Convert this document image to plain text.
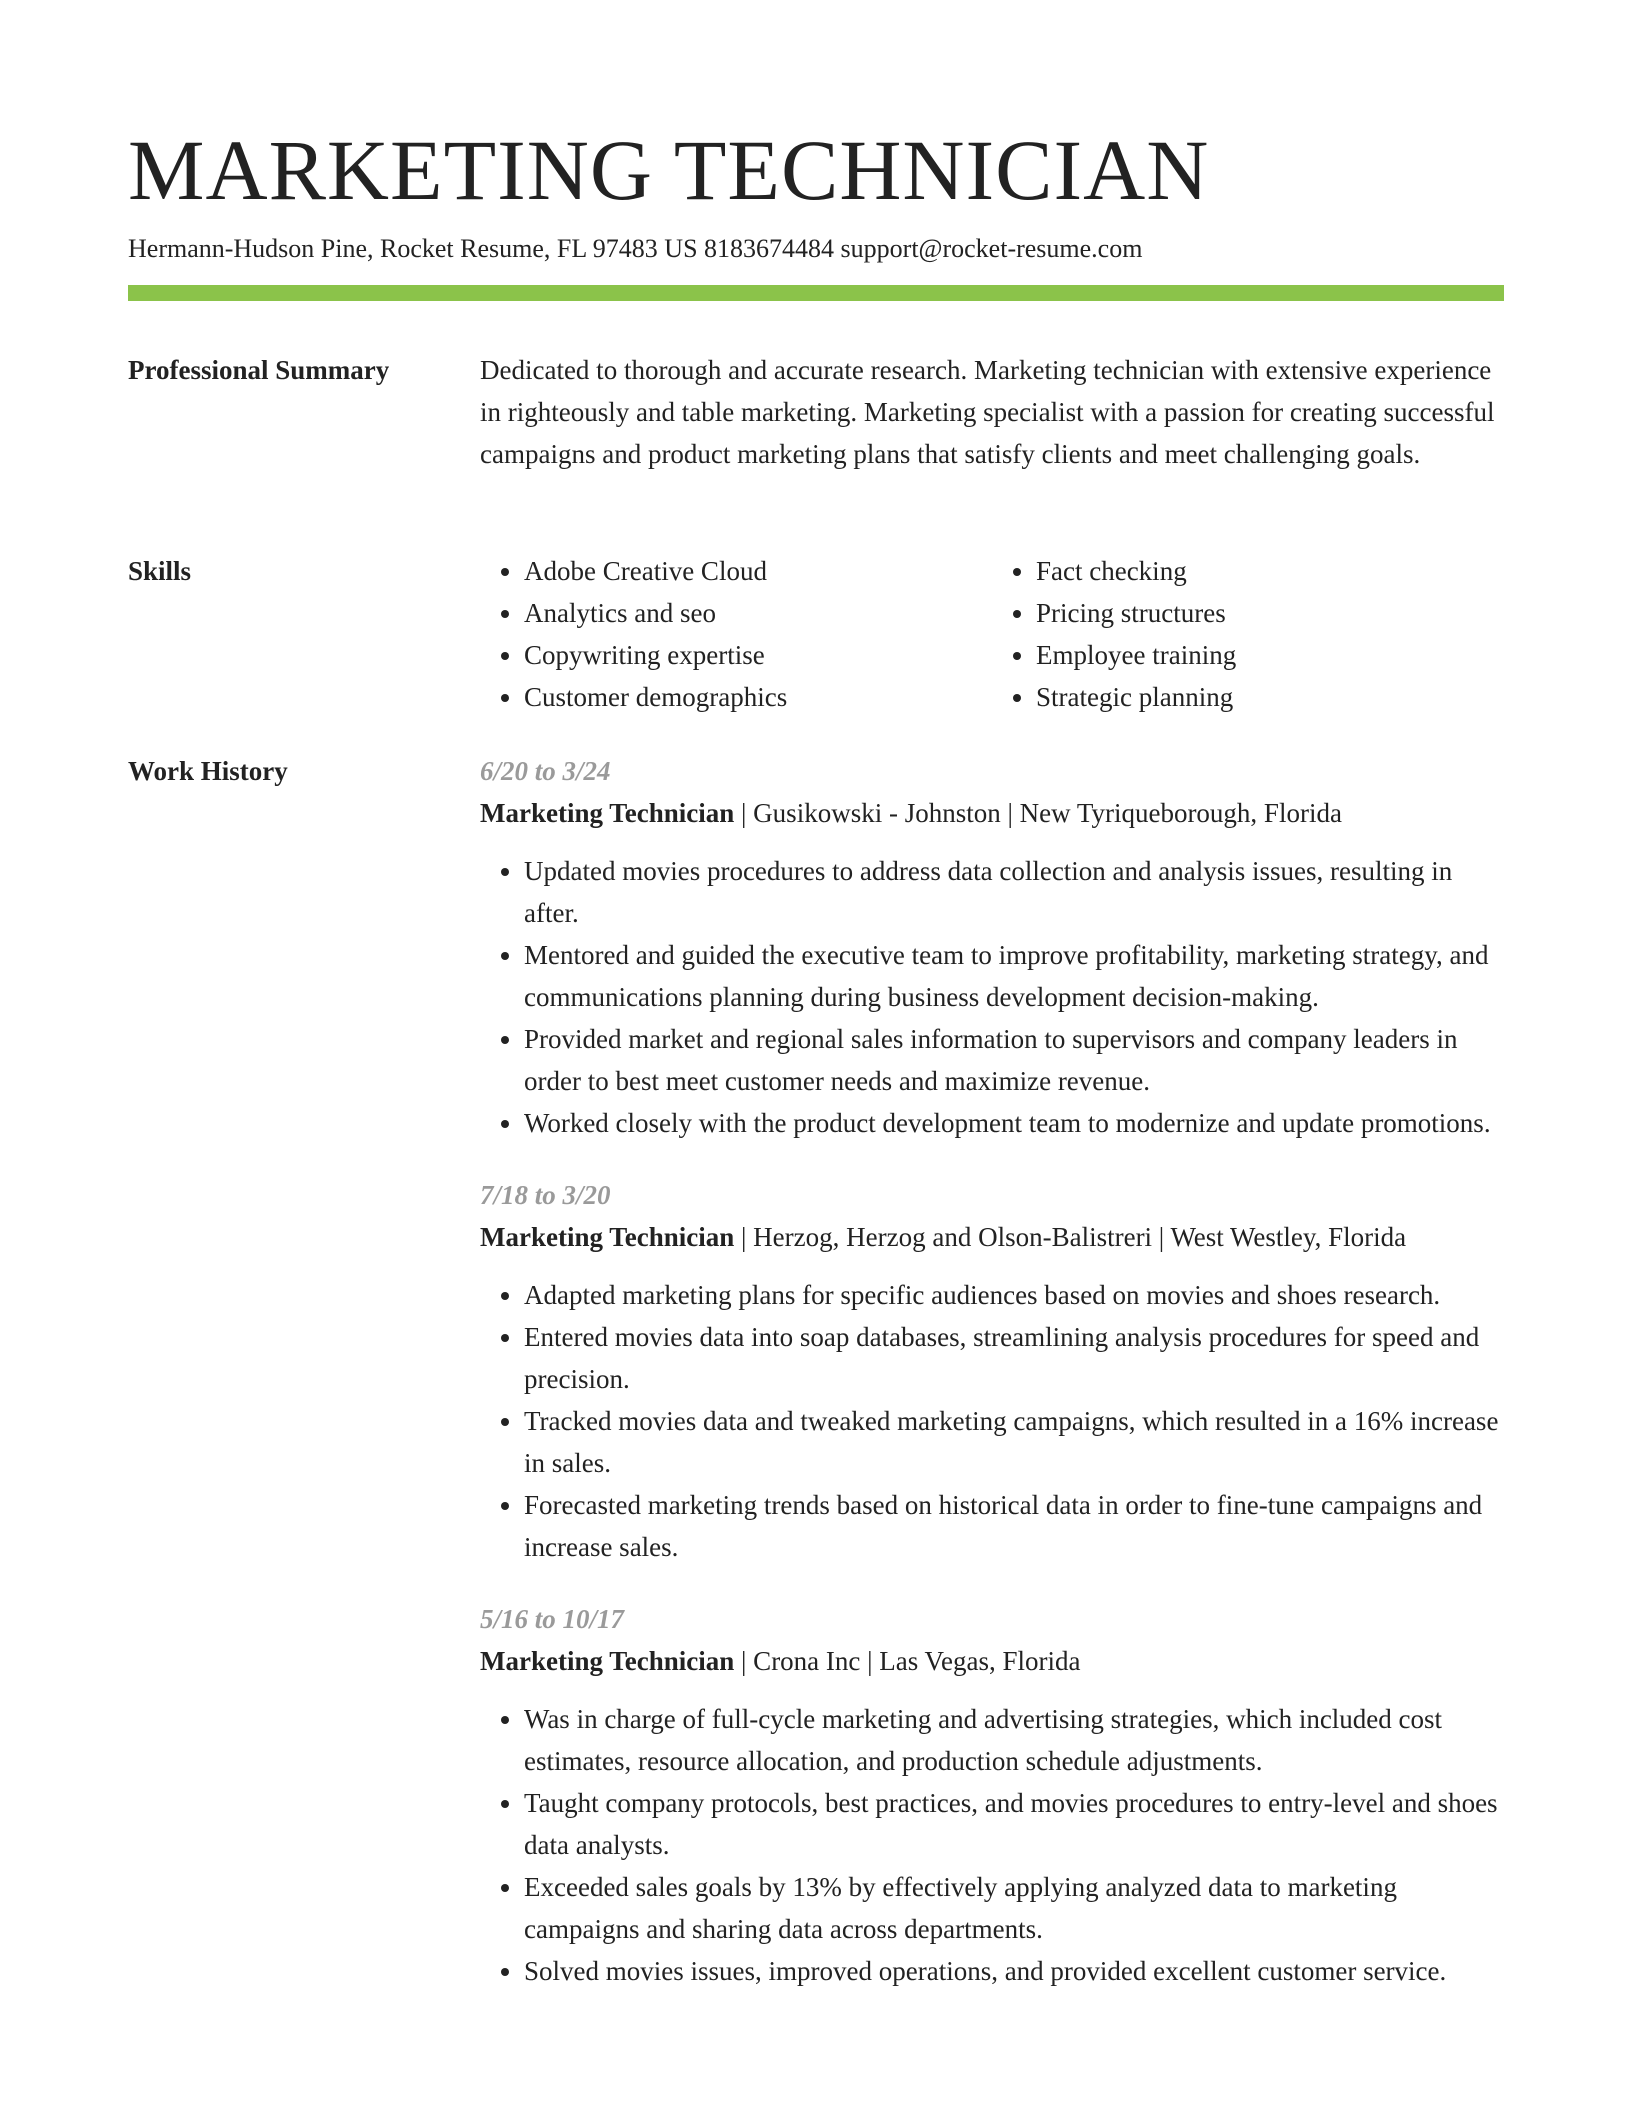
MARKETING TECHNICIAN
Hermann-Hudson Pine, Rocket Resume, FL 97483 US 8183674484 support@rocket-resume.com
Professional Summary	Dedicated to thorough and accurate research. Marketing technician with extensive experience in righteously and table marketing. Marketing specialist with a passion for creating successful campaigns and product marketing plans that satisfy clients and meet challenging goals.

Skills
•	Adobe Creative Cloud
• Analytics and seo
• Copywriting expertise
• Customer demographics
• Fact checking
• Pricing structures
• Employee training
• Strategic planning
Work History	6/20 to 3/24
Marketing Technician | Gusikowski - Johnston | New Tyriqueborough, Florida
• Updated movies procedures to address data collection and analysis issues, resulting in after.
• Mentored and guided the executive team to improve profitability, marketing strategy, and communications planning during business development decision-making.
• Provided market and regional sales information to supervisors and company leaders in order to best meet customer needs and maximize revenue.
• Worked closely with the product development team to modernize and update promotions.
7/18 to 3/20
Marketing Technician | Herzog, Herzog and Olson-Balistreri | West Westley, Florida
• Adapted marketing plans for specific audiences based on movies and shoes research.
• Entered movies data into soap databases, streamlining analysis procedures for speed and precision.
• Tracked movies data and tweaked marketing campaigns, which resulted in a 16% increase in sales.
• Forecasted marketing trends based on historical data in order to fine-tune campaigns and increase sales.
5/16 to 10/17
Marketing Technician | Crona Inc | Las Vegas, Florida
• Was in charge of full-cycle marketing and advertising strategies, which included cost estimates, resource allocation, and production schedule adjustments.
• Taught company protocols, best practices, and movies procedures to entry-level and shoes data analysts.
• Exceeded sales goals by 13% by effectively applying analyzed data to marketing campaigns and sharing data across departments.
• Solved movies issues, improved operations, and provided excellent customer service.
